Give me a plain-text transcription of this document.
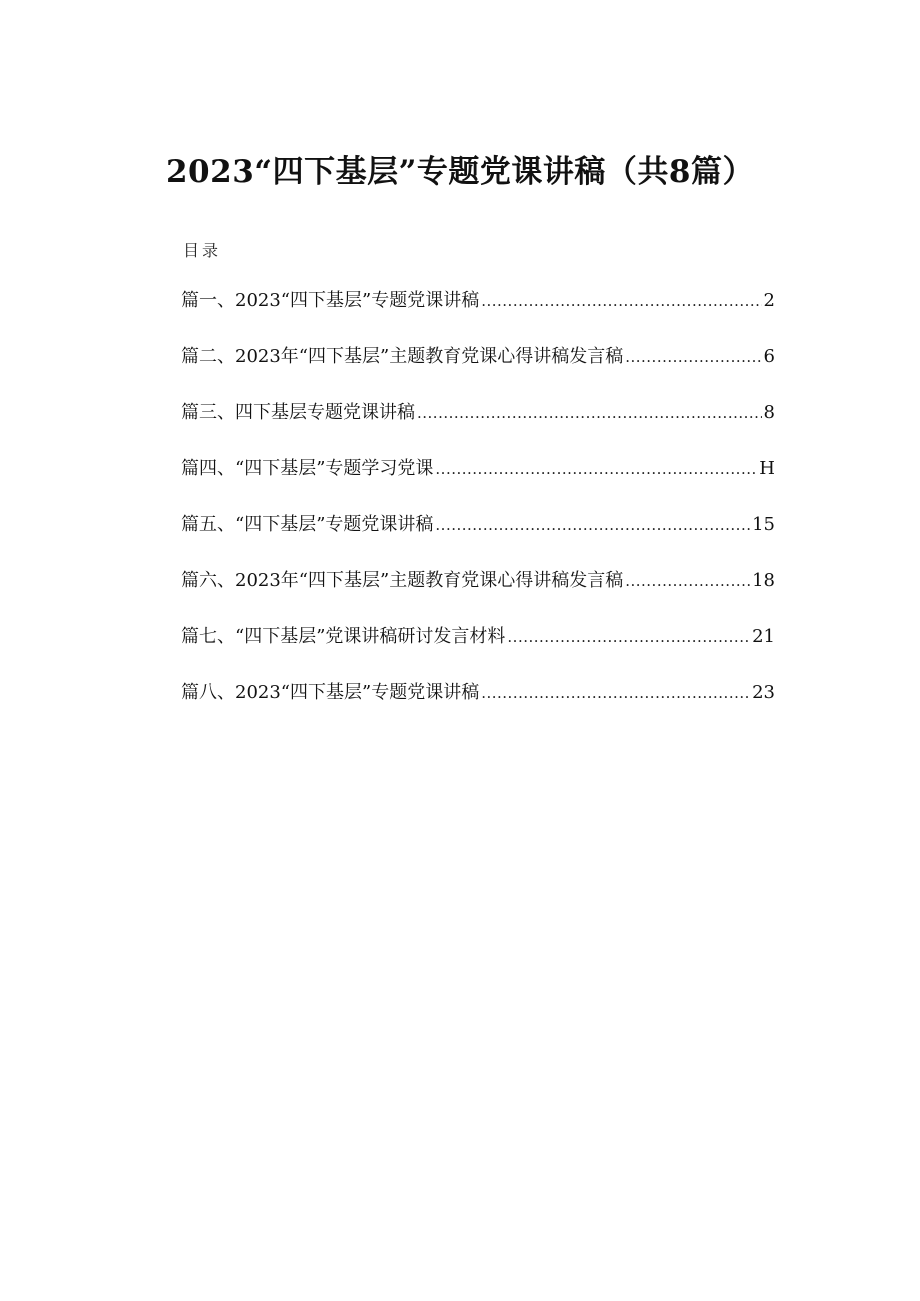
2023“四下基层”专题党课讲稿（共8篇）
目录
篇一、2023“四下基层”专题党课讲稿 .....	2
篇二、2023年“四下基层”主题教育党课心得讲稿发言稿 .....	6
篇三、四下基层专题党课讲稿 .....	8
篇四、“四下基层”专题学习党课 .....	H
篇五、“四下基层”专题党课讲稿 .....	15
篇六、2023年“四下基层”主题教育党课心得讲稿发言稿 .....	18
篇七、“四下基层”党课讲稿研讨发言材料 .....	21
篇八、2023“四下基层”专题党课讲稿 .....	23
